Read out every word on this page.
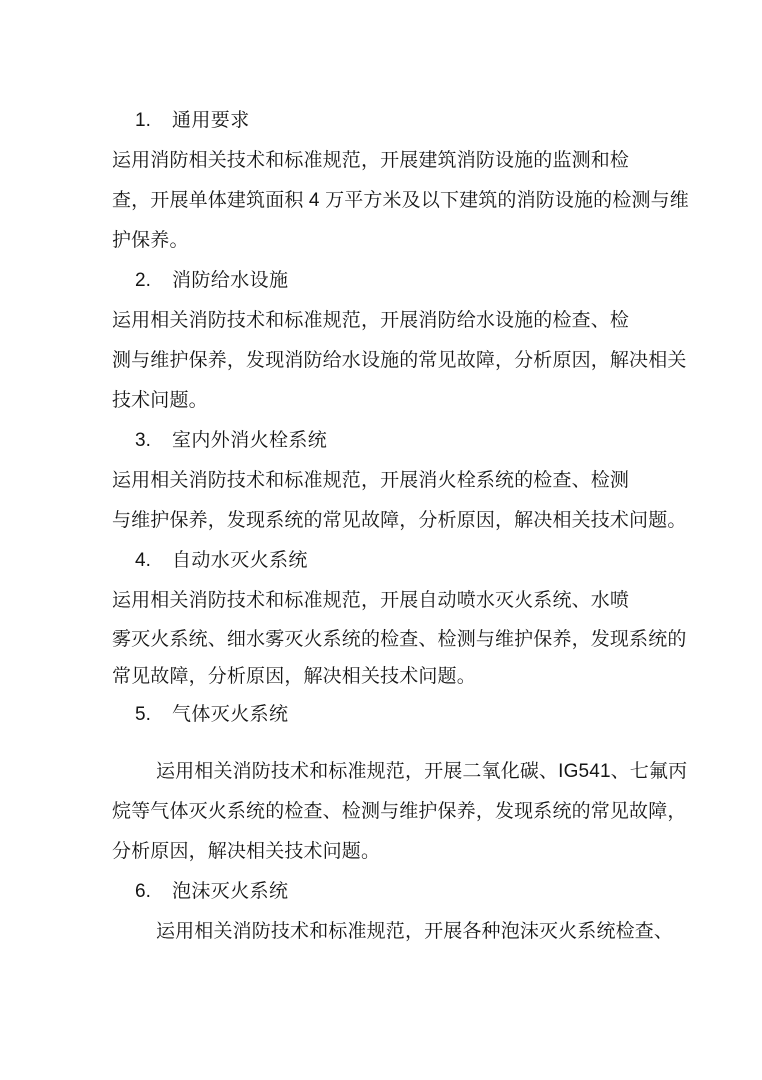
1. 通用要求
运用消防相关技术和标准规范，开展建筑消防设施的监测和检
查，开展单体建筑面积 4 万平方米及以下建筑的消防设施的检测与维
护保养。
2. 消防给水设施
运用相关消防技术和标准规范，开展消防给水设施的检查、检
测与维护保养，发现消防给水设施的常见故障，分析原因，解决相关
技术问题。
3. 室内外消火栓系统
运用相关消防技术和标准规范，开展消火栓系统的检查、检测
与维护保养，发现系统的常见故障，分析原因，解决相关技术问题。
4. 自动水灭火系统
运用相关消防技术和标准规范，开展自动喷水灭火系统、水喷
雾灭火系统、细水雾灭火系统的检查、检测与维护保养，发现系统的
常见故障，分析原因，解决相关技术问题。
5. 气体灭火系统
运用相关消防技术和标准规范，开展二氧化碳、IG541、七氟丙
烷等气体灭火系统的检查、检测与维护保养，发现系统的常见故障，
分析原因，解决相关技术问题。
6. 泡沫灭火系统
运用相关消防技术和标准规范，开展各种泡沫灭火系统检查、
